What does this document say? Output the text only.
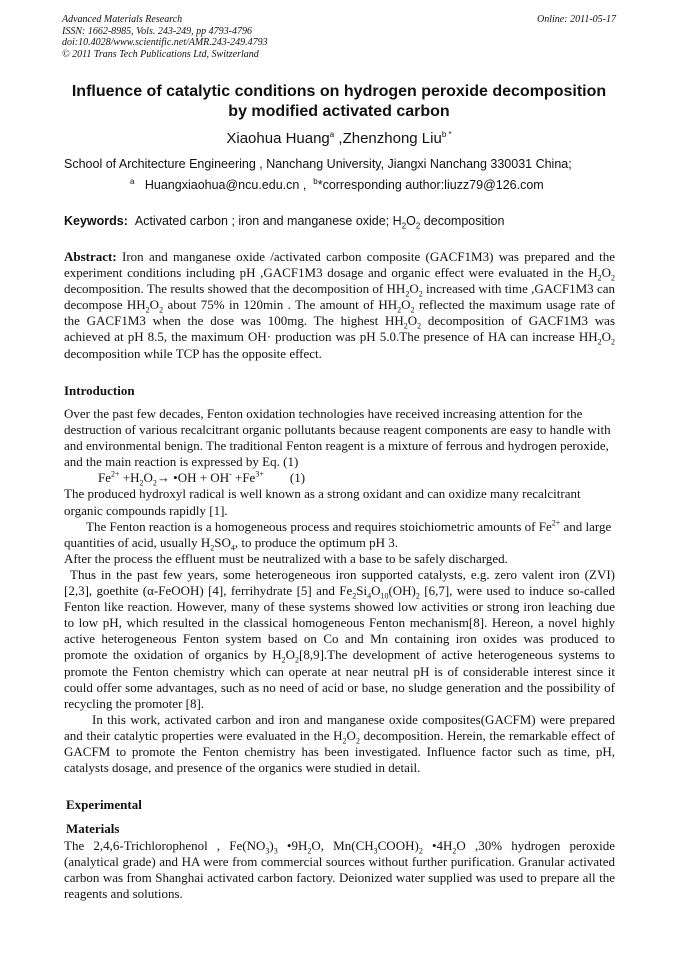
Advanced Materials Research
ISSN: 1662-8985, Vols. 243-249, pp 4793-4796
doi:10.4028/www.scientific.net/AMR.243-249.4793
© 2011 Trans Tech Publications Ltd, Switzerland
Online: 2011-05-17
Influence of catalytic conditions on hydrogen peroxide decomposition
by modified activated carbon
Xiaohua Huang$^a$ ,Zhenzhong Liu$^{b *}$
School of Architecture Engineering , Nanchang University, Jiangxi Nanchang 330031 China;
$^a$ Huangxiaohua@ncu.edu.cn , $^b$*corresponding author:liuzz79@126.com
Keywords: Activated carbon ; iron and manganese oxide; $H_2O_2$ decomposition
Abstract: Iron and manganese oxide /activated carbon composite (GACF1M3) was prepared and the experiment conditions including pH ,GACF1M3 dosage and organic effect were evaluated in the $H_2O_2$ decomposition. The results showed that the decomposition of $HH_2O_2$ increased with time ,GACF1M3 can decompose $HH_2O_2$ about 75% in 120min . The amount of $HH_2O_2$ reflected the maximum usage rate of the GACF1M3 when the dose was 100mg. The highest $HH_2O_2$ decomposition of GACF1M3 was achieved at pH 8.5, the maximum OH· production was pH 5.0.The presence of HA can increase $HH_2O_2$ decomposition while TCP has the opposite effect.
Introduction

Over the past few decades, Fenton oxidation technologies have received increasing attention for the destruction of various recalcitrant organic pollutants because reagent components are easy to handle with and environmental benign. The traditional Fenton reagent is a mixture of ferrous and hydrogen peroxide, and the main reaction is expressed by Eq. (1)

$Fe^{2+} +H_2O_2\to$ •OH + $OH^- +Fe^{3+}$ (1)

The produced hydroxyl radical is well known as a strong oxidant and can oxidize many recalcitrant organic compounds rapidly [1].

The Fenton reaction is a homogeneous process and requires stoichiometric amounts of $Fe^{2+}$ and large quantities of acid, usually $H_2SO_4$, to produce the optimum pH 3.

After the process the effluent must be neutralized with a base to be safely discharged.

Thus in the past few years, some heterogeneous iron supported catalysts, e.g. zero valent iron (ZVI) [2,3], goethite (α-FeOOH) [4], ferrihydrate [5] and $Fe_2Si_4O_{10}(OH)_2$ [6,7], were used to induce so-called Fenton like reaction. However, many of these systems showed low activities or strong iron leaching due to low pH, which resulted in the classical homogeneous Fenton mechanism[8]. Hereon, a novel highly active heterogeneous Fenton system based on Co and Mn containing iron oxides was produced to promote the oxidation of organics by $H_2O_2[8,9].The$ development of active heterogeneous systems to promote the Fenton chemistry which can operate at near neutral pH is of considerable interest since it could offer some advantages, such as no need of acid or base, no sludge generation and the possibility of recycling the promoter [8].

In this work, activated carbon and iron and manganese oxide composites(GACFM) were prepared and their catalytic properties were evaluated in the $H_2O_2$ decomposition. Herein, the remarkable effect of GACFM to promote the Fenton chemistry has been investigated. Influence factor such as time, pH, catalysts dosage, and presence of the organics were studied in detail.

Experimental
Materials
The 2,4,6-Trichlorophenol , $Fe(NO_3)_3$ $•9H_2O$, $Mn(CH_3COOH)_2$ $•4H_2O$ ,30% hydrogen peroxide (analytical grade) and HA were from commercial sources without further purification. Granular activated carbon was from Shanghai activated carbon factory. Deionized water supplied was used to prepare all the reagents and solutions.
